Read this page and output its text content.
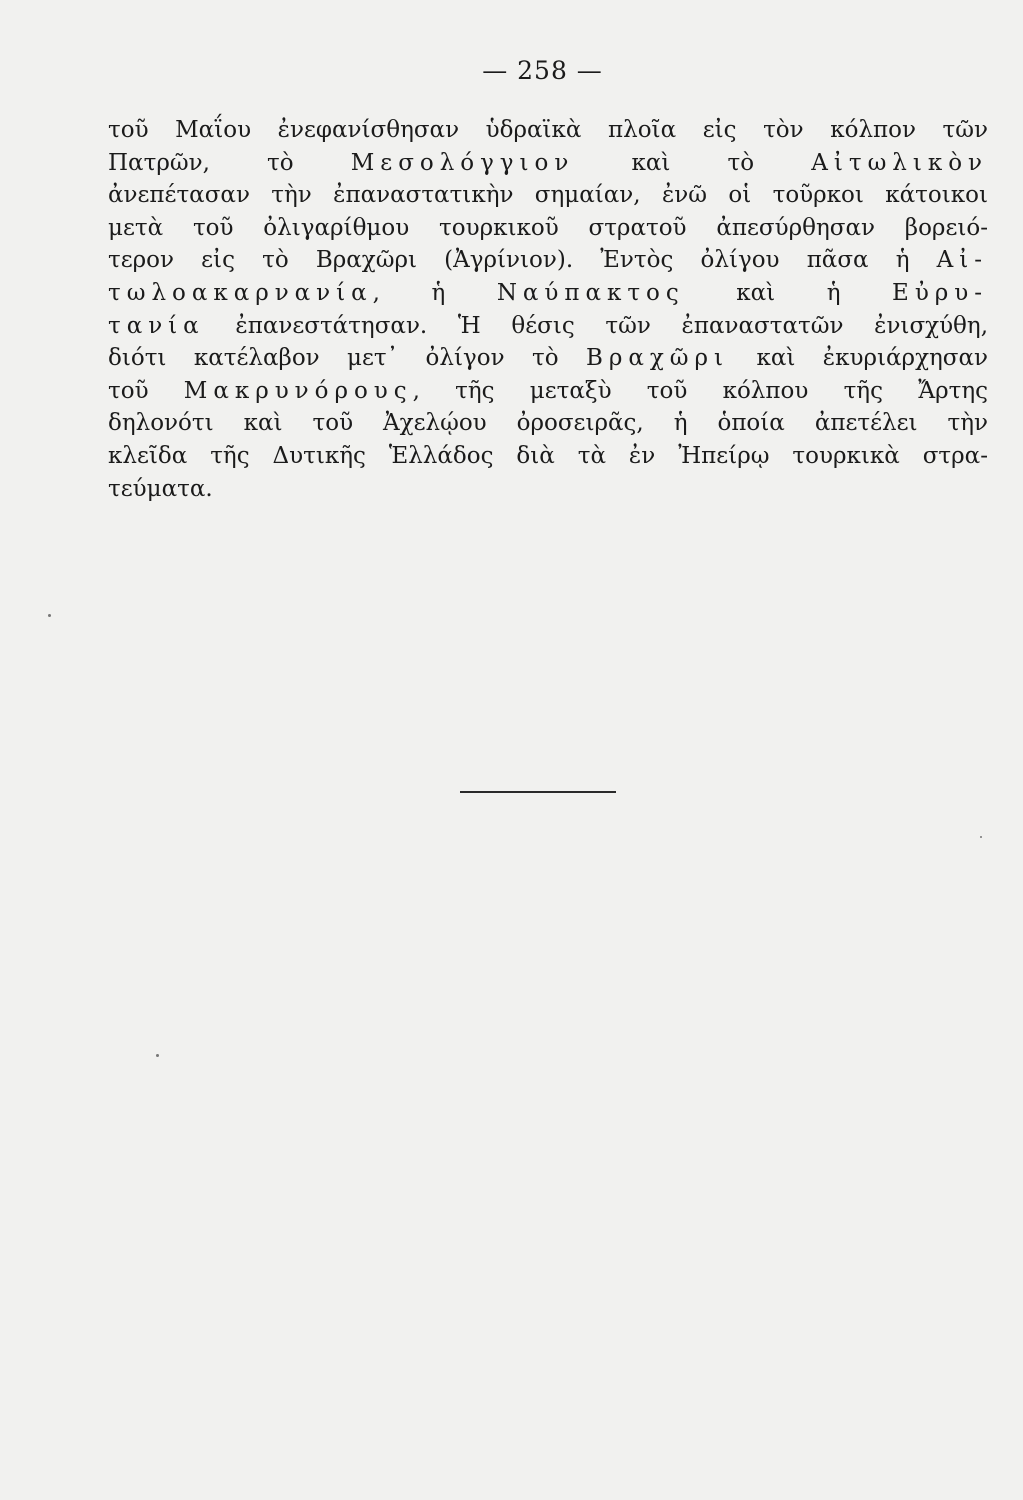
— 258 —
τοῦ Μαΐου ἐνεφανίσθησαν ὑδραϊκὰ πλοῖα εἰς τὸν κόλπον τῶν
Πατρῶν, τὸ Μεσολόγγιον καὶ τὸ Αἰτωλικὸν
ἀνεπέτασαν τὴν ἐπαναστατικὴν σημαίαν, ἐνῶ οἱ τοῦρκοι κάτοικοι
μετὰ τοῦ ὀλιγαρίθμου τουρκικοῦ στρατοῦ ἀπεσύρθησαν βορειό-
τερον εἰς τὸ Βραχῶρι (Ἀγρίνιον). Ἐντὸς ὀλίγου πᾶσα ἡ Αἰ-
τωλοακαρνανία, ἡ Ναύπακτος καὶ ἡ Εὐρυ-
τανία ἐπανεστάτησαν. Ἡ θέσις τῶν ἐπαναστατῶν ἐνισχύθη,
διότι κατέλαβον μετ᾽ ὀλίγον τὸ Βραχῶρι καὶ ἐκυριάρχησαν
τοῦ Μακρυνόρους, τῆς μεταξὺ τοῦ κόλπου τῆς Ἄρτης
δηλονότι καὶ τοῦ Ἀχελῴου ὀροσειρᾶς, ἡ ὁποία ἀπετέλει τὴν
κλεῖδα τῆς Δυτικῆς Ἑλλάδος διὰ τὰ ἐν Ἠπείρῳ τουρκικὰ στρα-
τεύματα.
